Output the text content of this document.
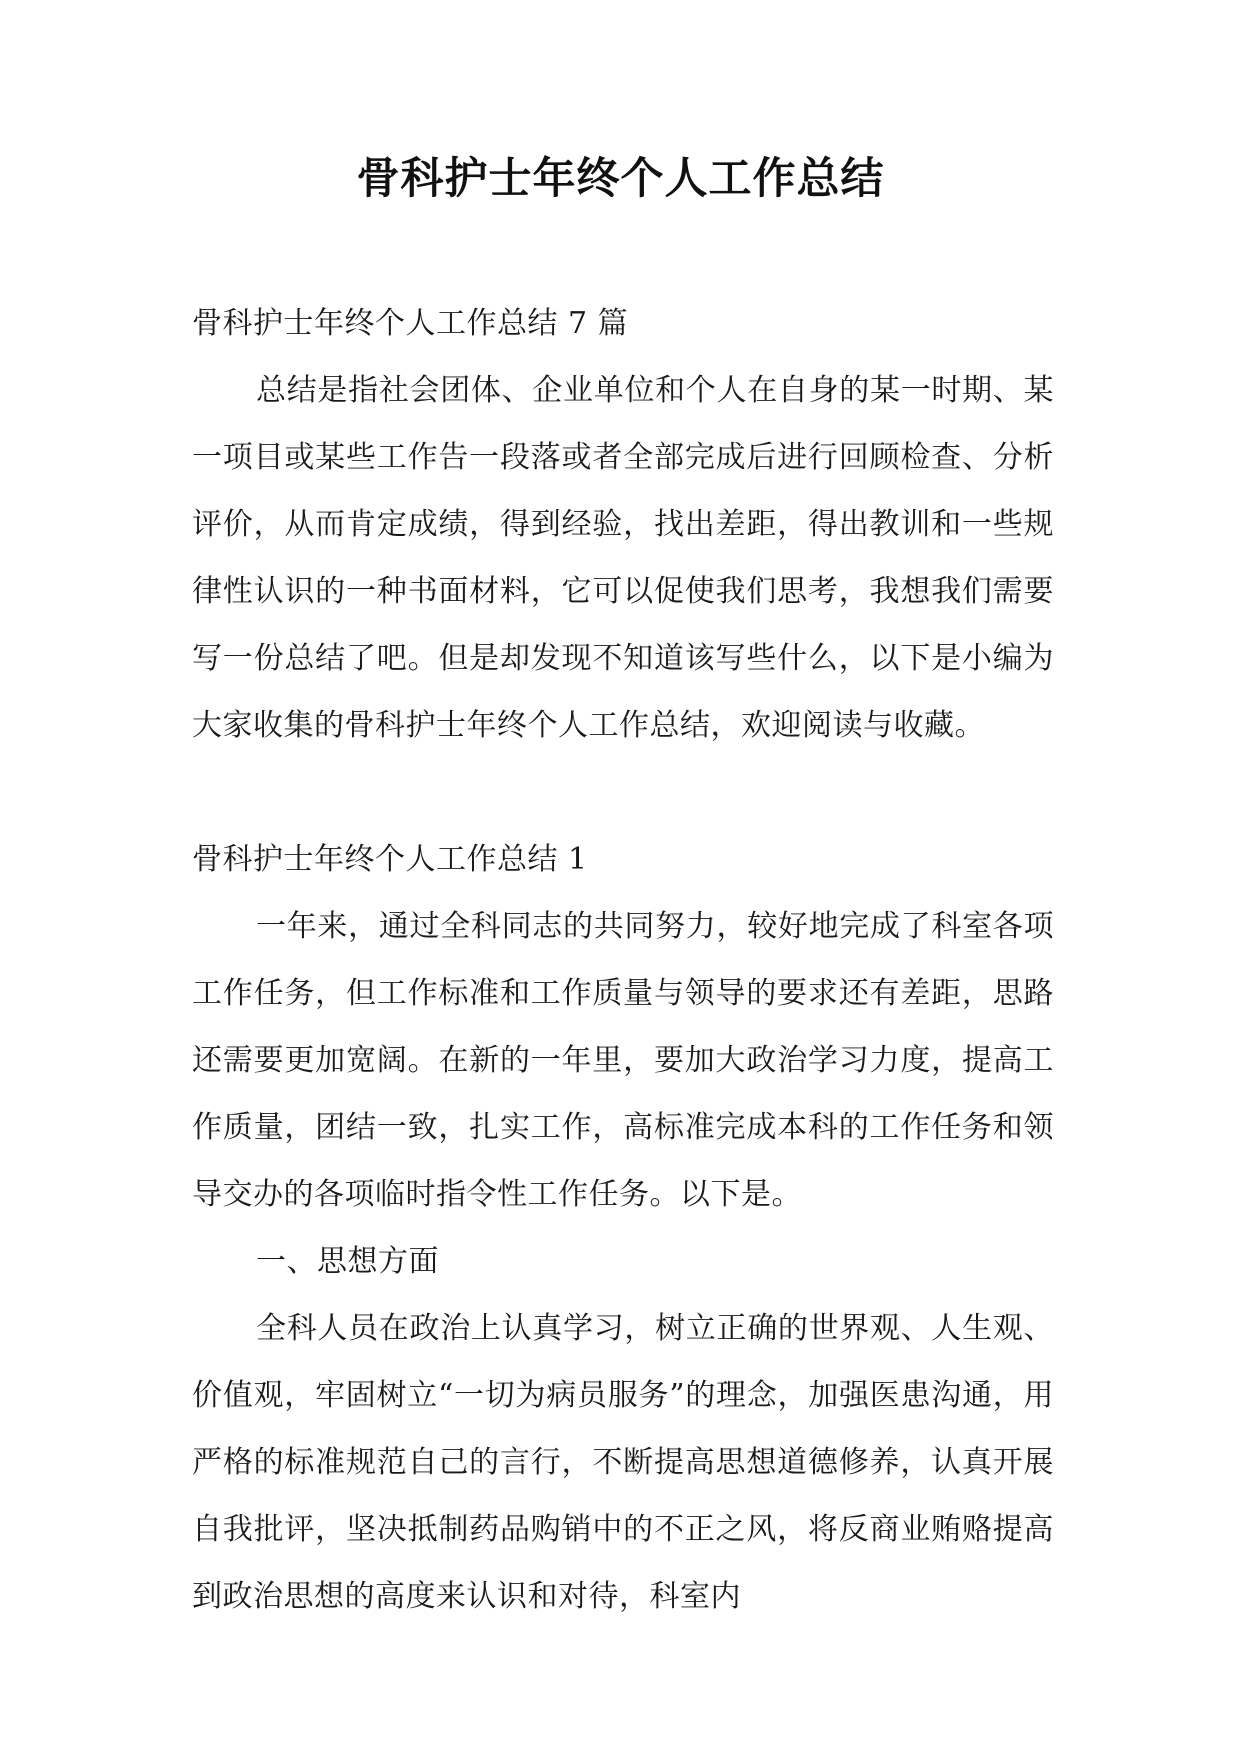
骨科护士年终个人工作总结

骨科护士年终个人工作总结 7 篇

总结是指社会团体、企业单位和个人在自身的某一时期、某一项目或某些工作告一段落或者全部完成后进行回顾检查、分析评价，从而肯定成绩，得到经验，找出差距，得出教训和一些规律性认识的一种书面材料，它可以促使我们思考，我想我们需要写一份总结了吧。但是却发现不知道该写些什么，以下是小编为大家收集的骨科护士年终个人工作总结，欢迎阅读与收藏。

骨科护士年终个人工作总结 1

一年来，通过全科同志的共同努力，较好地完成了科室各项工作任务，但工作标准和工作质量与领导的要求还有差距，思路还需要更加宽阔。在新的一年里，要加大政治学习力度，提高工作质量，团结一致，扎实工作，高标准完成本科的工作任务和领导交办的各项临时指令性工作任务。以下是。

一、思想方面

全科人员在政治上认真学习，树立正确的世界观、人生观、价值观，牢固树立“一切为病员服务”的理念，加强医患沟通，用严格的标准规范自己的言行，不断提高思想道德修养，认真开展自我批评，坚决抵制药品购销中的不正之风，将反商业贿赂提高到政治思想的高度来认识和对待，科室内
